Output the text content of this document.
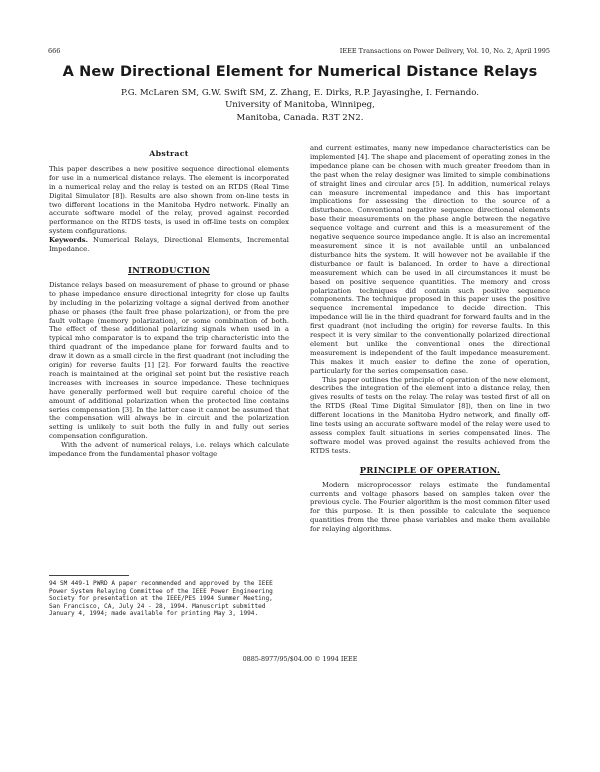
666	IEEE Transactions on Power Delivery, Vol. 10, No. 2, April 1995
A New Directional Element for Numerical Distance Relays
P.G. McLaren SM, G.W. Swift SM, Z. Zhang, E. Dirks, R.P. Jayasinghe, I. Fernando.
University of Manitoba, Winnipeg,
Manitoba, Canada. R3T 2N2.
Abstract

This paper describes a new positive sequence directional elements for use in a numerical distance relays. The element is incorporated in a numerical relay and the relay is tested on an RTDS (Real Time Digital Simulator [8]). Results are also shown from on-line tests in two different locations in the Manitoba Hydro network. Finally an accurate software model of the relay, proved against recorded performance on the RTDS tests, is used in off-line tests on complex system configurations.

Keywords. Numerical Relays, Directional Elements, Incremental Impedance.

INTRODUCTION

Distance relays based on measurement of phase to ground or phase to phase impedance ensure directional integrity for close up faults by including in the polarizing voltage a signal derived from another phase or phases (the fault free phase polarization), or from the pre fault voltage (memory polarization), or some combination of both. The effect of these additional polarizing signals when used in a typical mho comparator is to expand the trip characteristic into the third quadrant of the impedance plane for forward faults and to draw it down as a small circle in the first quadrant (not including the origin) for reverse faults [1] [2]. For forward faults the reactive reach is maintained at the original set point but the resistive reach increases with increases in source impedance. These techniques have generally performed well but require careful choice of the amount of additional polarization when the protected line contains series compensation [3]. In the latter case it cannot be assumed that the compensation will always be in circuit and the polarization setting is unlikely to suit both the fully in and fully out series compensation configuration.

With the advent of numerical relays, i.e. relays which calculate impedance from the fundamental phasor voltage

and current estimates, many new impedance characteristics can be implemented [4]. The shape and placement of operating zones in the impedance plane can be chosen with much greater freedom than in the past when the relay designer was limited to simple combinations of straight lines and circular arcs [5]. In addition, numerical relays can measure incremental impedance and this has important implications for assessing the direction to the source of a disturbance. Conventional negative sequence directional elements base their measurements on the phase angle between the negative sequence voltage and current and this is a measurement of the negative sequence source impedance angle. It is also an incremental measurement since it is not available until an unbalanced disturbance hits the system. It will however not be available if the disturbance or fault is balanced. In order to have a directional measurement which can be used in all circumstances it must be based on positive sequence quantities. The memory and cross polarization techniques did contain such positive sequence components. The technique proposed in this paper uses the positive sequence incremental impedance to decide direction. This impedance will lie in the third quadrant for forward faults and in the first quadrant (not including the origin) for reverse faults. In this respect it is very similar to the conventionally polarized directional element but unlike the conventional ones the directional measurement is independent of the fault impedance measurement. This makes it much easier to define the zone of operation, particularly for the series compensation case.

This paper outlines the principle of operation of the new element, describes the integration of the element into a distance relay, then gives results of tests on the relay. The relay was tested first of all on the RTDS (Real Time Digital Simulator [8]), then on line in two different locations in the Manitoba Hydro network, and finally off-line tests using an accurate software model of the relay were used to assess complex fault situations in series compensated lines. The software model was proved against the results achieved from the RTDS tests.

PRINCIPLE OF OPERATION.

Modern microprocessor relays estimate the fundamental currents and voltage phasors based on samples taken over the previous cycle. The Fourier algorithm is the most common filter used for this purpose. It is then possible to calculate the sequence quantities from the three phase variables and make them available for relaying algorithms.

94 SM 449-1 PWRD A paper recommended and approved by the IEEE Power System Relaying Committee of the IEEE Power Engineering Society for presentation at the IEEE/PES 1994 Summer Meeting, San Francisco, CA, July 24 - 28, 1994. Manuscript submitted January 4, 1994; made available for printing May 3, 1994.
0885-8977/95/$04.00 © 1994 IEEE
